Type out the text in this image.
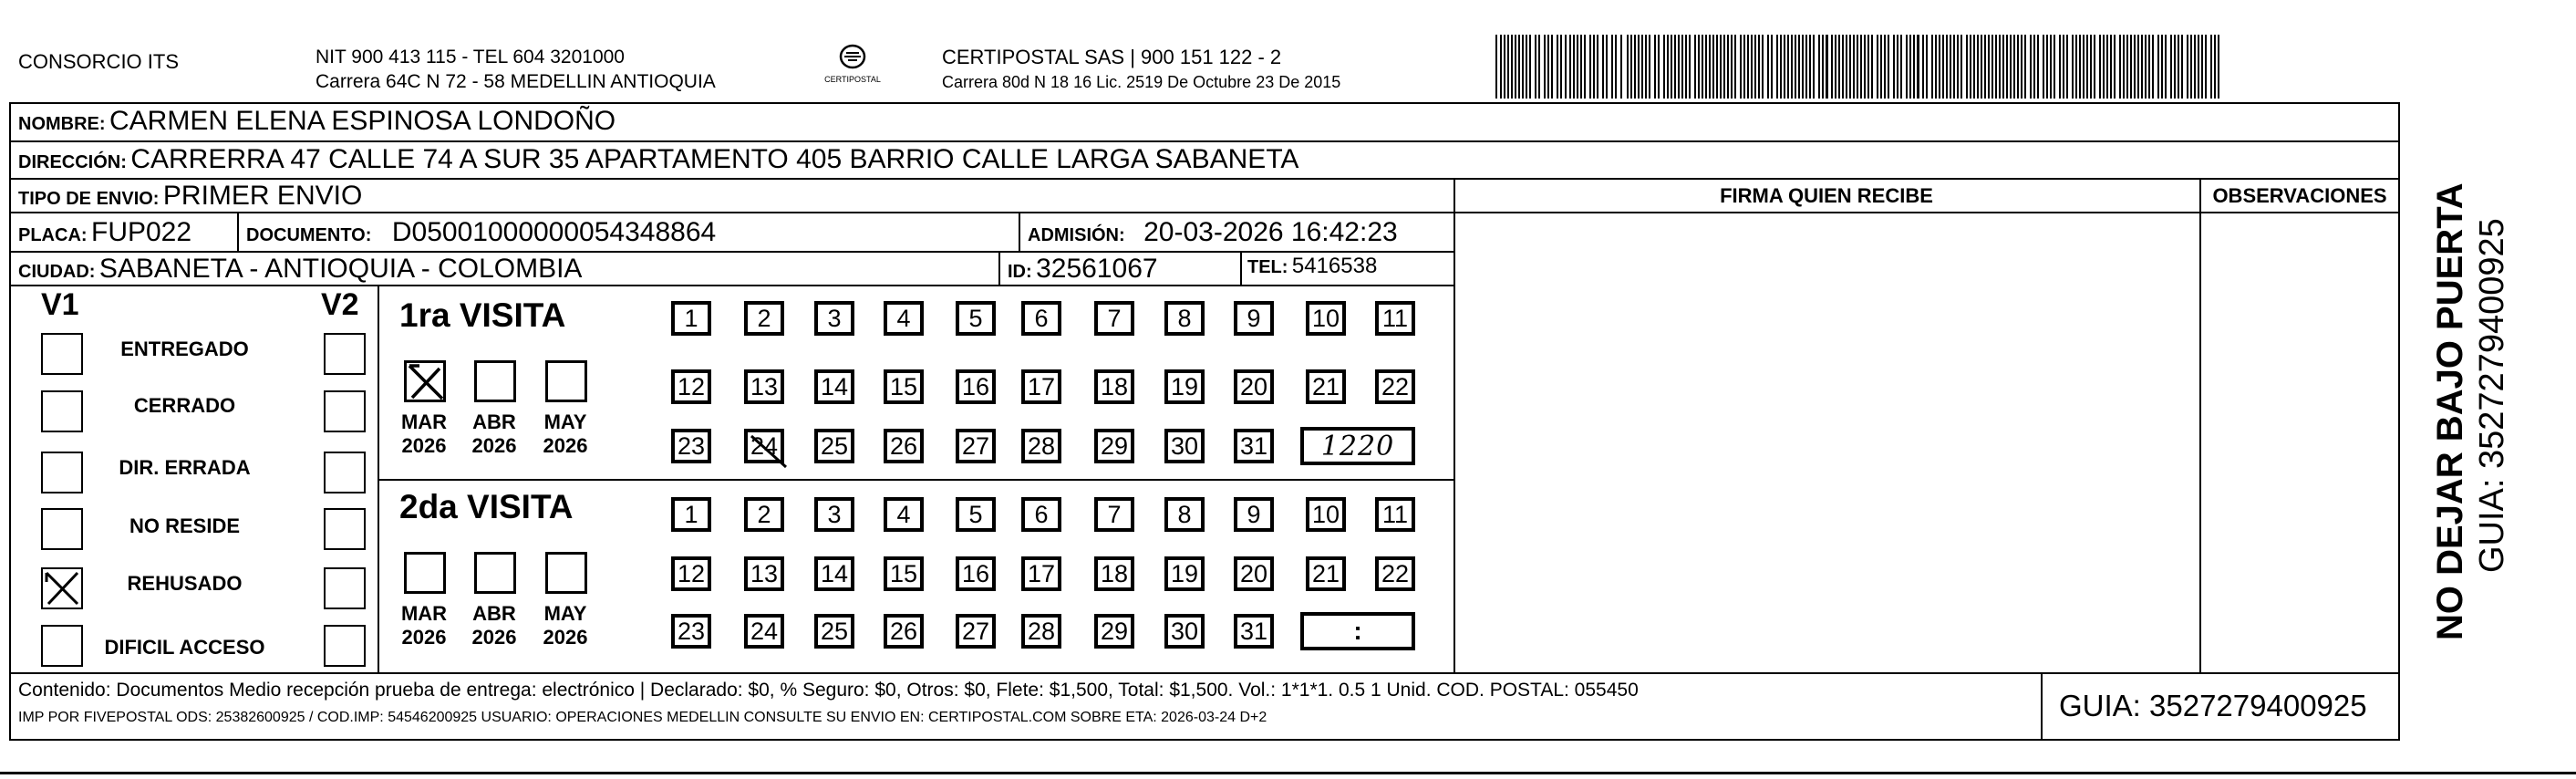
CONSORCIO ITS	NIT 900 413 115 - TEL 604 3201000
Carrera 64C N 72 - 58 MEDELLIN ANTIOQUIA	CERTIPOSTAL
CERTIPOSTAL SAS | 900 151 122 - 2
Carrera 80d N 18 16 Lic. 2519 De Octubre 23 De 2015
NOMBRE: CARMEN ELENA ESPINOSA LONDOÑO
DIRECCIÓN: CARRERRA 47 CALLE 74 A SUR 35 APARTAMENTO 405 BARRIO CALLE LARGA SABANETA
TIPO DE ENVIO: PRIMER ENVIO	FIRMA QUIEN RECIBE	OBSERVACIONES
PLACA: FUP022	DOCUMENTO: D050010000000543488​64	ADMISIÓN: 20-03-2026 16:42:23
CIUDAD: SABANETA - ANTIOQUIA - COLOMBIA	ID: 32561067	TEL: 5416538
V1	V2
ENTREGADO
CERRADO
DIR. ERRADA
NO RESIDE
REHUSADO
DIFICIL ACCESO
1ra VISITA
2da VISITA
MAR
2026
ABR
2026
MAY
2026
MAR
2026
ABR
2026
MAY
2026
1 2 3 4 5 6 7 8 9 10 11
12 13 14 15 16 17 18 19 20 21 22
23 24 25 26 27 28 29 30 31 1220
1 2 3 4 5 6 7 8 9 10 11
12 13 14 15 16 17 18 19 20 21 22
23 24 25 26 27 28 29 30 31	:
Contenido: Documentos Medio recepción prueba de entrega: electrónico | Declarado: $0, % Seguro: $0, Otros: $0, Flete: $1,500, Total: $1,500. Vol.: 1*1*1. 0.5 1 Unid. COD. POSTAL: 055450
IMP POR FIVEPOSTAL ODS: 25382600925 / COD.IMP: 54546200925 USUARIO: OPERACIONES MEDELLIN CONSULTE SU ENVIO EN: CERTIPOSTAL.COM SOBRE ETA: 2026-03-24 D+2	GUIA: 3527279400925
NO DEJAR BAJO PUERTA GUIA: 3527279400925
